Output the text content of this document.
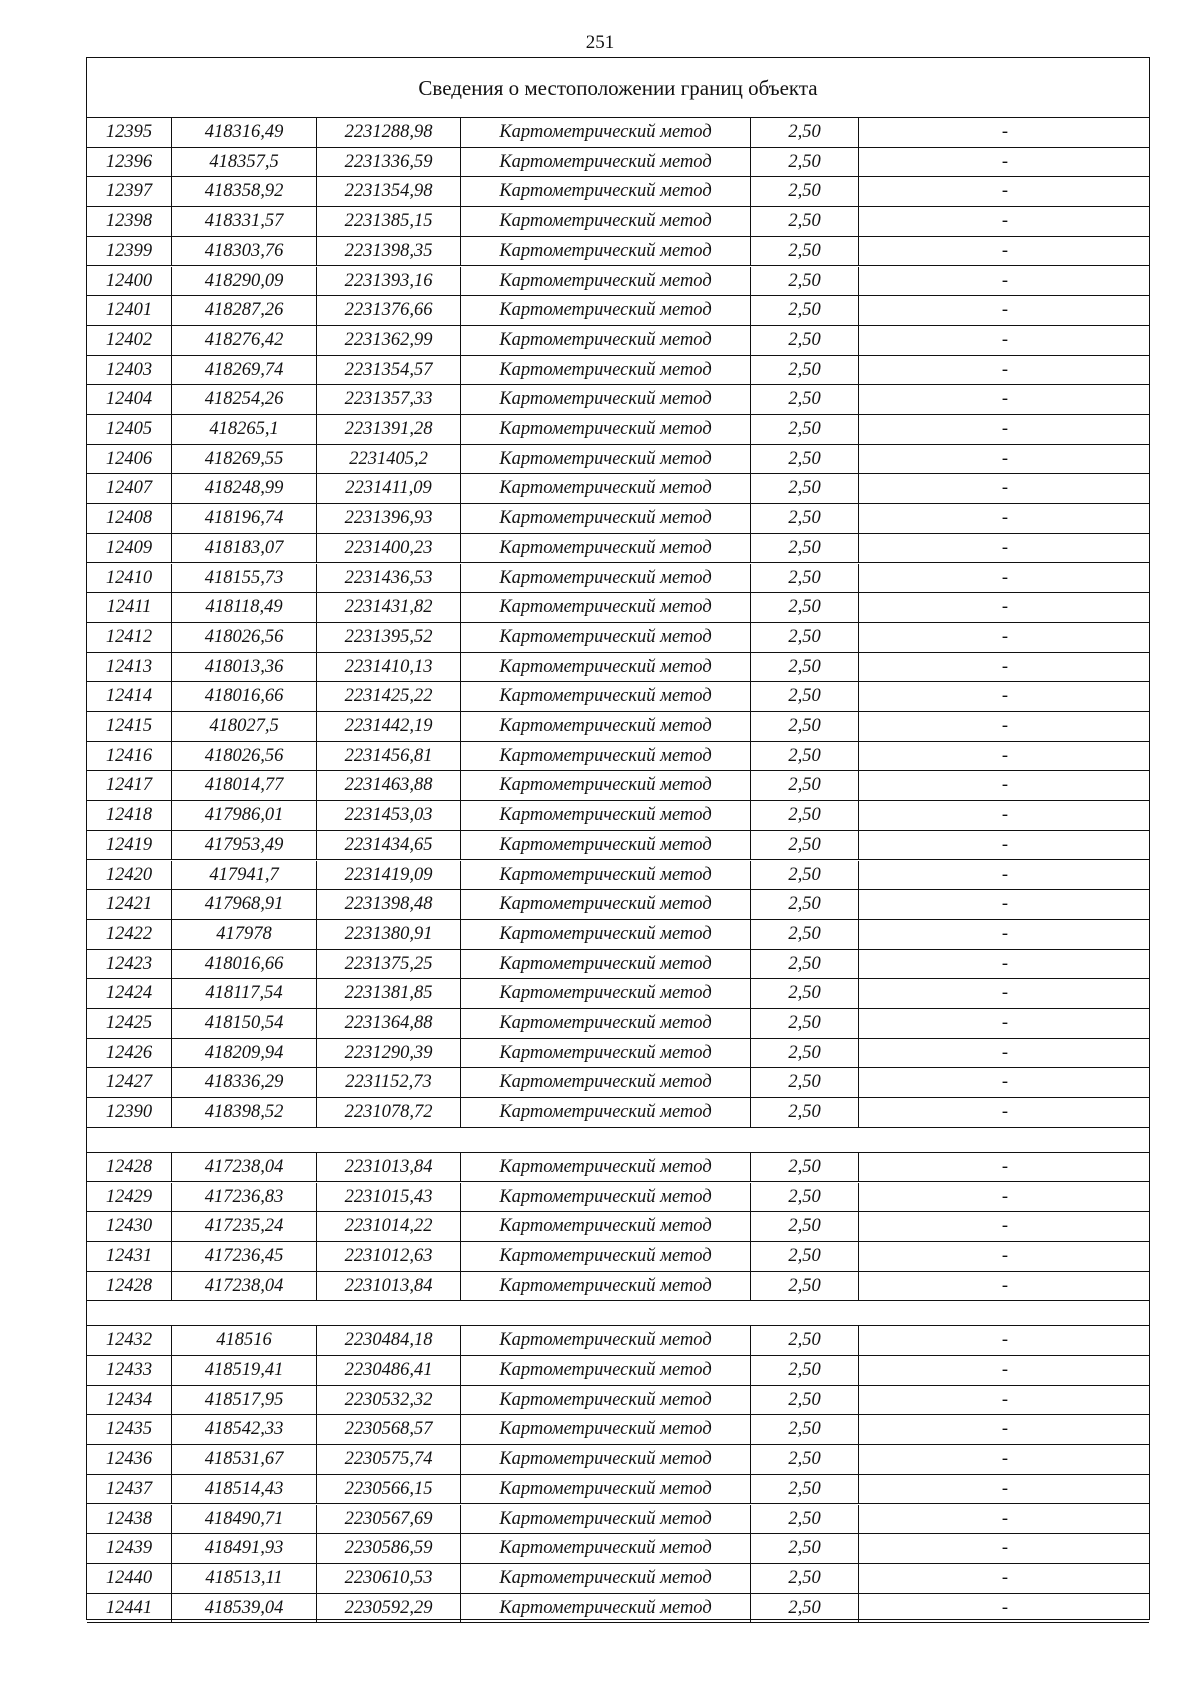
251
Сведения о местоположении границ объекта
12395	418316,49	2231288,98	Картометрический метод	2,50	-
12396	418357,5	2231336,59	Картометрический метод	2,50	-
12397	418358,92	2231354,98	Картометрический метод	2,50	-
12398	418331,57	2231385,15	Картометрический метод	2,50	-
12399	418303,76	2231398,35	Картометрический метод	2,50	-
12400	418290,09	2231393,16	Картометрический метод	2,50	-
12401	418287,26	2231376,66	Картометрический метод	2,50	-
12402	418276,42	2231362,99	Картометрический метод	2,50	-
12403	418269,74	2231354,57	Картометрический метод	2,50	-
12404	418254,26	2231357,33	Картометрический метод	2,50	-
12405	418265,1	2231391,28	Картометрический метод	2,50	-
12406	418269,55	2231405,2	Картометрический метод	2,50	-
12407	418248,99	2231411,09	Картометрический метод	2,50	-
12408	418196,74	2231396,93	Картометрический метод	2,50	-
12409	418183,07	2231400,23	Картометрический метод	2,50	-
12410	418155,73	2231436,53	Картометрический метод	2,50	-
12411	418118,49	2231431,82	Картометрический метод	2,50	-
12412	418026,56	2231395,52	Картометрический метод	2,50	-
12413	418013,36	2231410,13	Картометрический метод	2,50	-
12414	418016,66	2231425,22	Картометрический метод	2,50	-
12415	418027,5	2231442,19	Картометрический метод	2,50	-
12416	418026,56	2231456,81	Картометрический метод	2,50	-
12417	418014,77	2231463,88	Картометрический метод	2,50	-
12418	417986,01	2231453,03	Картометрический метод	2,50	-
12419	417953,49	2231434,65	Картометрический метод	2,50	-
12420	417941,7	2231419,09	Картометрический метод	2,50	-
12421	417968,91	2231398,48	Картометрический метод	2,50	-
12422	417978	2231380,91	Картометрический метод	2,50	-
12423	418016,66	2231375,25	Картометрический метод	2,50	-
12424	418117,54	2231381,85	Картометрический метод	2,50	-
12425	418150,54	2231364,88	Картометрический метод	2,50	-
12426	418209,94	2231290,39	Картометрический метод	2,50	-
12427	418336,29	2231152,73	Картометрический метод	2,50	-
12390	418398,52	2231078,72	Картометрический метод	2,50	-
12428	417238,04	2231013,84	Картометрический метод	2,50	-
12429	417236,83	2231015,43	Картометрический метод	2,50	-
12430	417235,24	2231014,22	Картометрический метод	2,50	-
12431	417236,45	2231012,63	Картометрический метод	2,50	-
12428	417238,04	2231013,84	Картометрический метод	2,50	-
12432	418516	2230484,18	Картометрический метод	2,50	-
12433	418519,41	2230486,41	Картометрический метод	2,50	-
12434	418517,95	2230532,32	Картометрический метод	2,50	-
12435	418542,33	2230568,57	Картометрический метод	2,50	-
12436	418531,67	2230575,74	Картометрический метод	2,50	-
12437	418514,43	2230566,15	Картометрический метод	2,50	-
12438	418490,71	2230567,69	Картометрический метод	2,50	-
12439	418491,93	2230586,59	Картометрический метод	2,50	-
12440	418513,11	2230610,53	Картометрический метод	2,50	-
12441	418539,04	2230592,29	Картометрический метод	2,50	-
